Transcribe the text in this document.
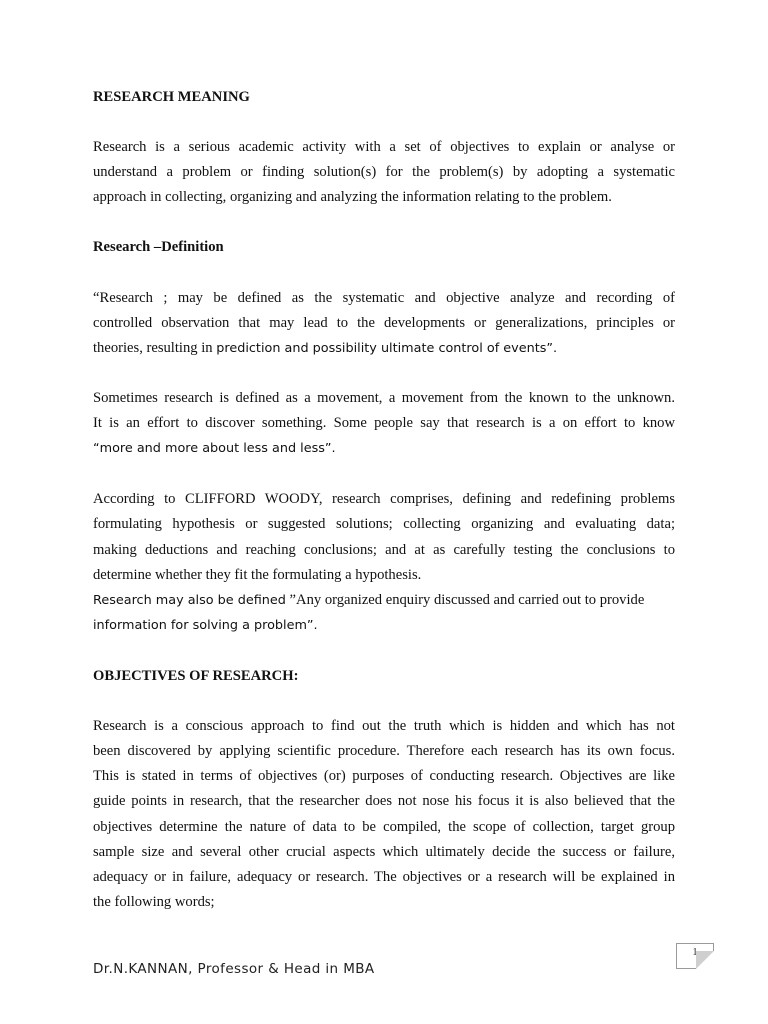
RESEARCH MEANING
Research is a serious academic activity with a set of objectives to explain or analyse or
understand a problem or finding solution(s) for the problem(s) by adopting a systematic
approach in collecting, organizing and analyzing the information relating to the problem.
Research –Definition
“Research ; may be defined as the systematic and objective analyze and recording of
controlled observation that may lead to the developments or generalizations, principles or
theories, resulting in prediction and possibility ultimate control of events”.
Sometimes research is defined as a movement, a movement from the known to the unknown.
It is an effort to discover something. Some people say that research is a on effort to know
“more and more about less and less”.
According to CLIFFORD WOODY, research comprises, defining and redefining problems
formulating hypothesis or suggested solutions; collecting organizing and evaluating data;
making deductions and reaching conclusions; and at as carefully testing the conclusions to
determine whether they fit the formulating a hypothesis.
Research may also be defined ”Any organized enquiry discussed and carried out to provide
information for solving a problem”.
OBJECTIVES OF RESEARCH:
Research is a conscious approach to find out the truth which is hidden and which has not
been discovered by applying scientific procedure. Therefore each research has its own focus.
This is stated in terms of objectives (or) purposes of conducting research. Objectives are like
guide points in research, that the researcher does not nose his focus it is also believed that the
objectives determine the nature of data to be compiled, the scope of collection, target group
sample size and several other crucial aspects which ultimately decide the success or failure,
adequacy or in failure, adequacy or research. The objectives or a research will be explained in
the following words;
1
Dr.N.KANNAN, Professor & Head in MBA
